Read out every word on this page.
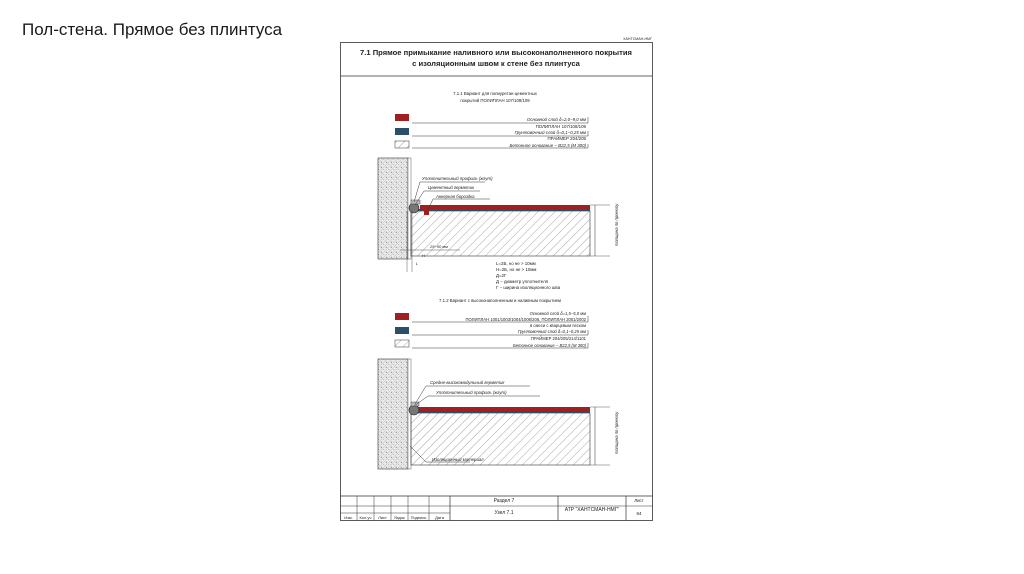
Пол-стена. Прямое без плинтуса	ХАНТСМАН-НМГ
7.1 Прямое примыкание наливного или высоконаполненного покрытия
с изоляционным швом к стене без плинтуса
7.1.1 Вариант для полиуретан-цементных
покрытий ПОЛИПЛАН 107/108/109
Основной слой δ=2,0−9,0 мм
ПОЛИПЛАН 107/108/109
Грунтовочный слой δ=0,1−0,25 мм
ПРАЙМЕР 204/205
Бетонное основание − В22,5 (М 300)
Уплотнительный профиль (жгут)
Цементный герметик
Анкерная бороздка
25−50 мм
H
L
толщина по проекту
L=2Б, но не > 10мм
H=2Б, но не > 10мм
Д=2Г
Д − диаметр уплотнителя
Г − ширина изоляционного шва
7.1.2 Вариант с высоконаполненным и наливным покрытием
Основной слой δ=1,5−5,0 мм
ПОЛИПЛАН 1001/1003/1004/1006/206, ПОЛИПЛАН 2001/2002
в смеси с кварцевым песком
Грунтовочный слой δ=0,1−0,25 мм
ПРАЙМЕР 204/205/214/1101
Бетонное основание − В22,5 (М 300)
Средне-высокомодульный герметик
Уплотнительный профиль (жгут)
Изоляционный материал
толщина по проекту
Изм. Кол.уч Лист №док Подпись Дата
Раздел 7
Узел 7.1	АТР "ХАНТСМАН-НМГ"
Лист
64
